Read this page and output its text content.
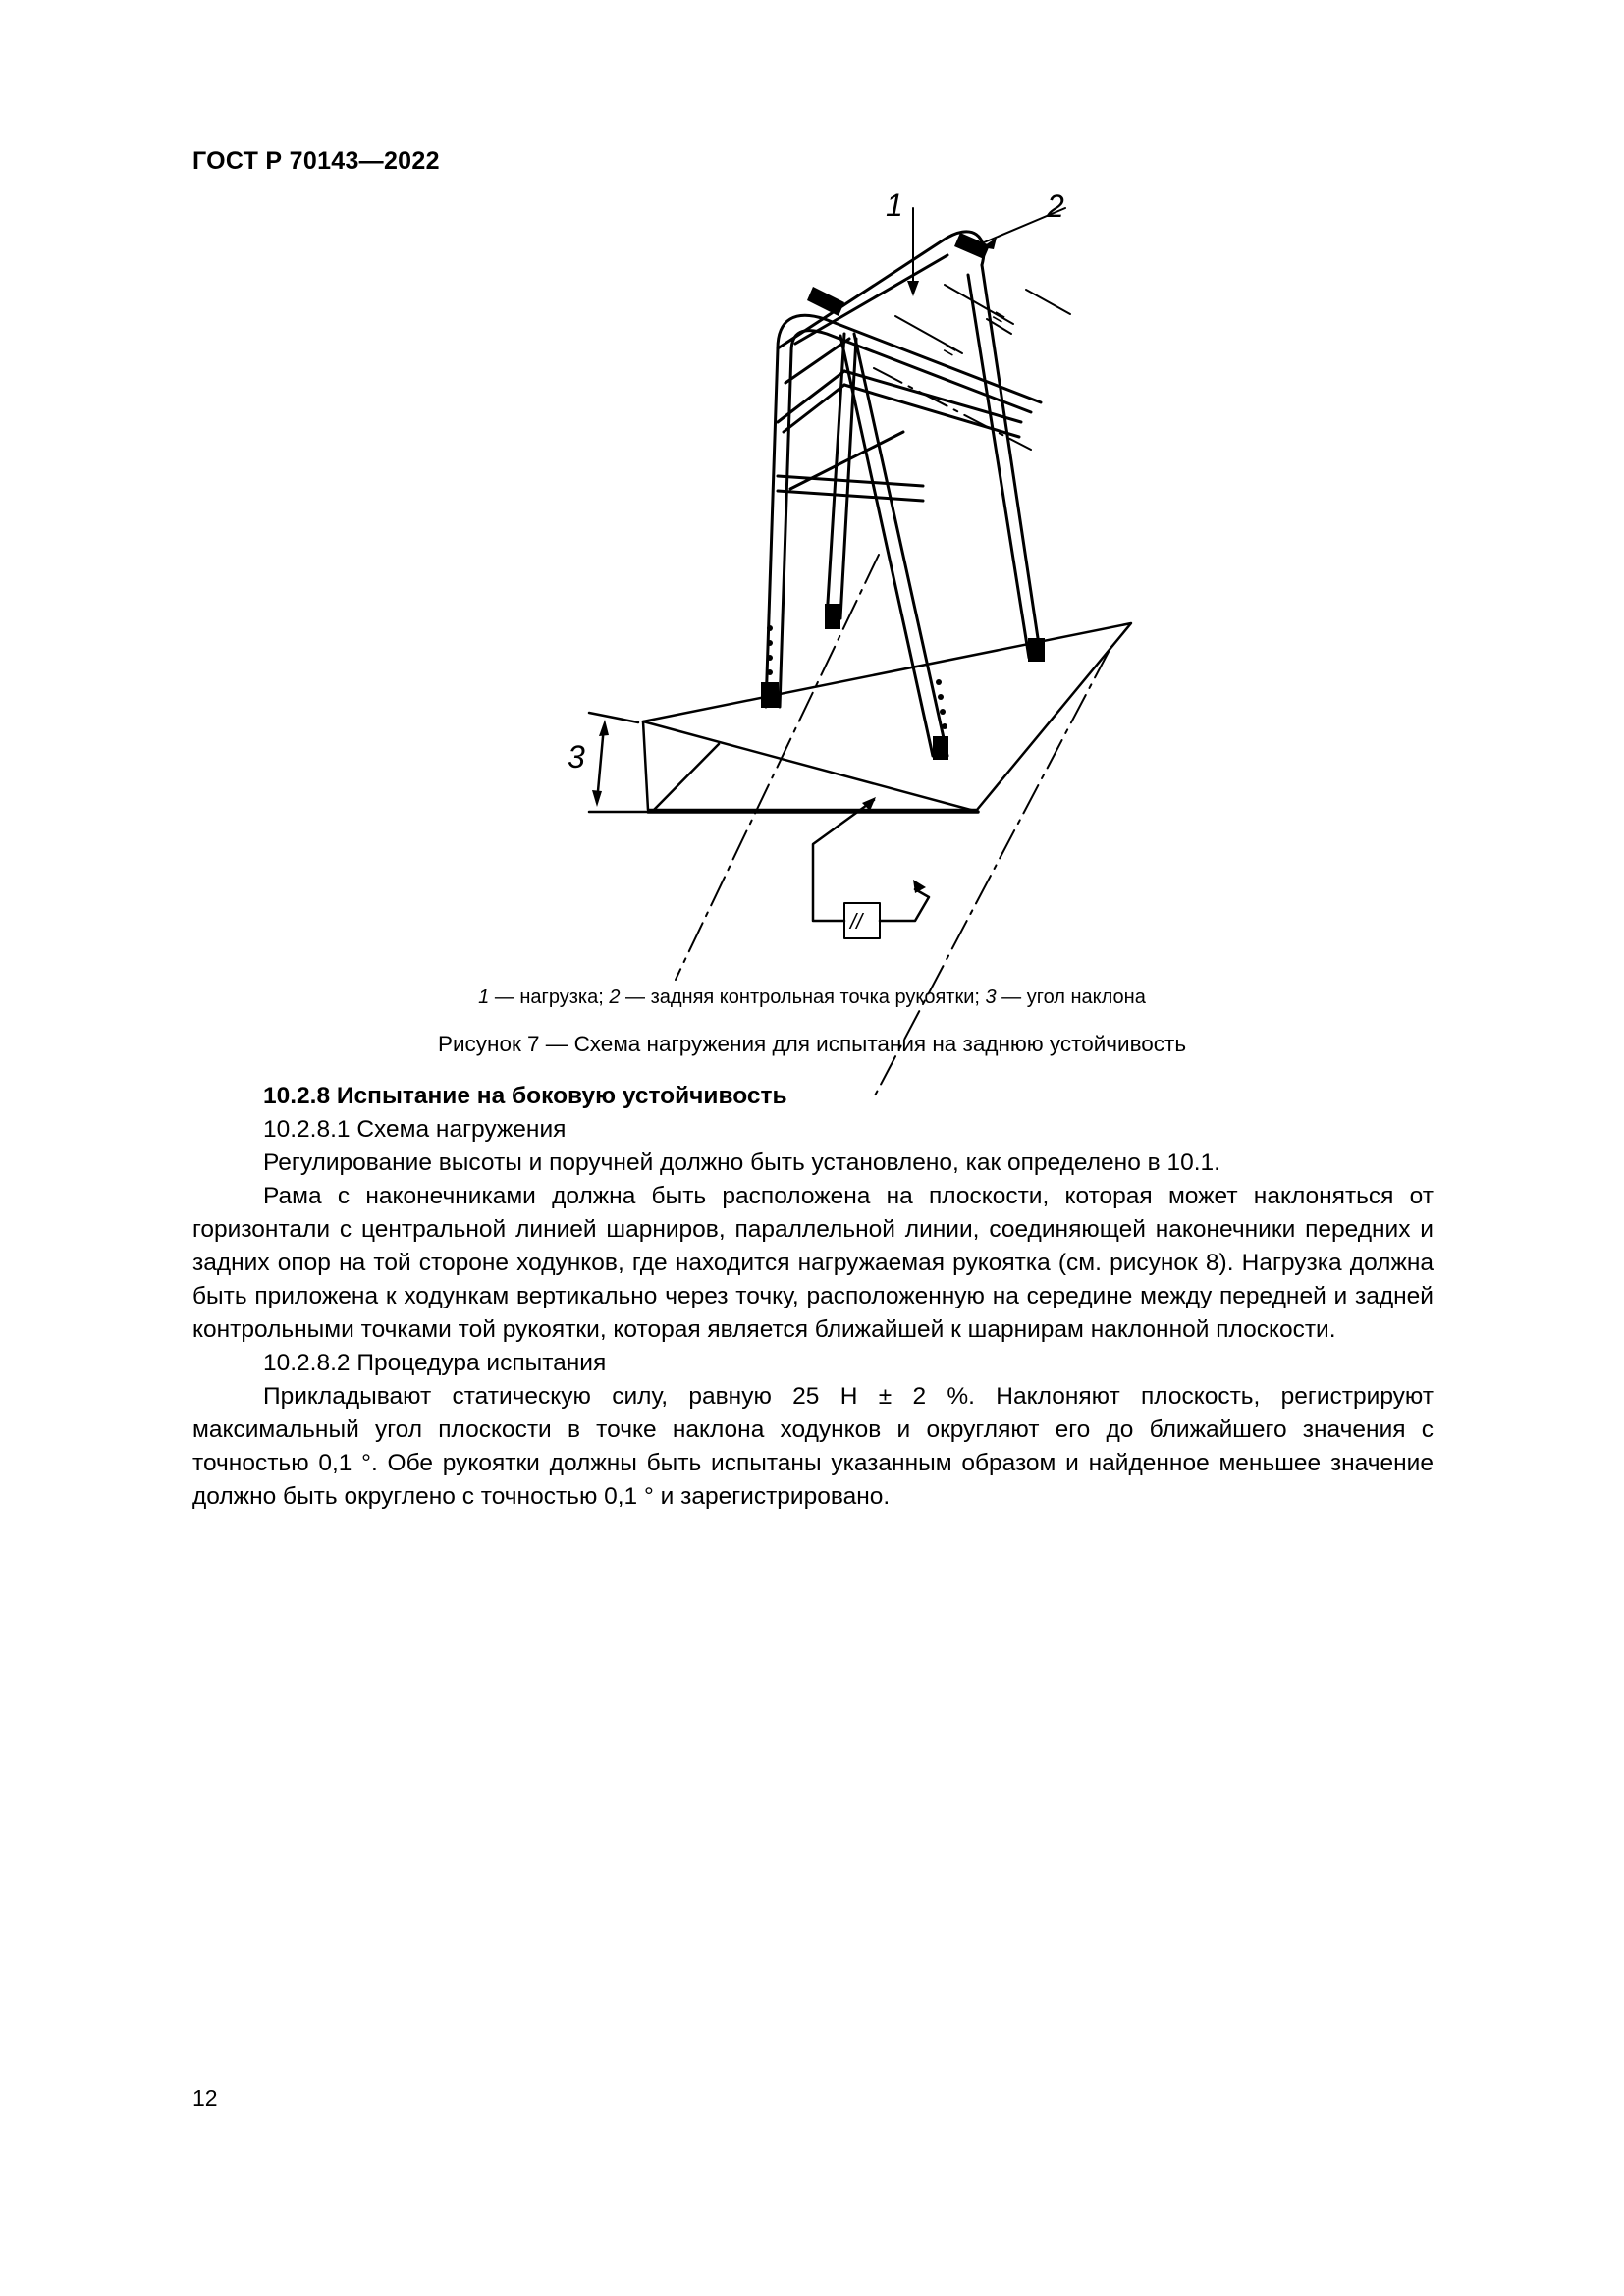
ГОСТ Р 70143—2022
1	2
3
=
=
//
1 — нагрузка; 2 — задняя контрольная точка рукоятки; 3 — угол наклона
Рисунок 7 — Схема нагружения для испытания на заднюю устойчивость

10.2.8 Испытание на боковую устойчивость

10.2.8.1 Схема нагружения

Регулирование высоты и поручней должно быть установлено, как определено в 10.1.

Рама с наконечниками должна быть расположена на плоскости, которая может наклоняться от горизонтали с центральной линией шарниров, параллельной линии, соединяющей наконечники передних и задних опор на той стороне ходунков, где находится нагружаемая рукоятка (см. рисунок 8). Нагрузка должна быть приложена к ходункам вертикально через точку, расположенную на середине между передней и задней контрольными точками той рукоятки, которая является ближайшей к шарнирам наклонной плоскости.

10.2.8.2 Процедура испытания

Прикладывают статическую силу, равную 25 Н ± 2 %. Наклоняют плоскость, регистрируют максимальный угол плоскости в точке наклона ходунков и округляют его до ближайшего значения с точностью 0,1 °. Обе рукоятки должны быть испытаны указанным образом и найденное меньшее значение должно быть округлено с точностью 0,1 ° и зарегистрировано.

12
